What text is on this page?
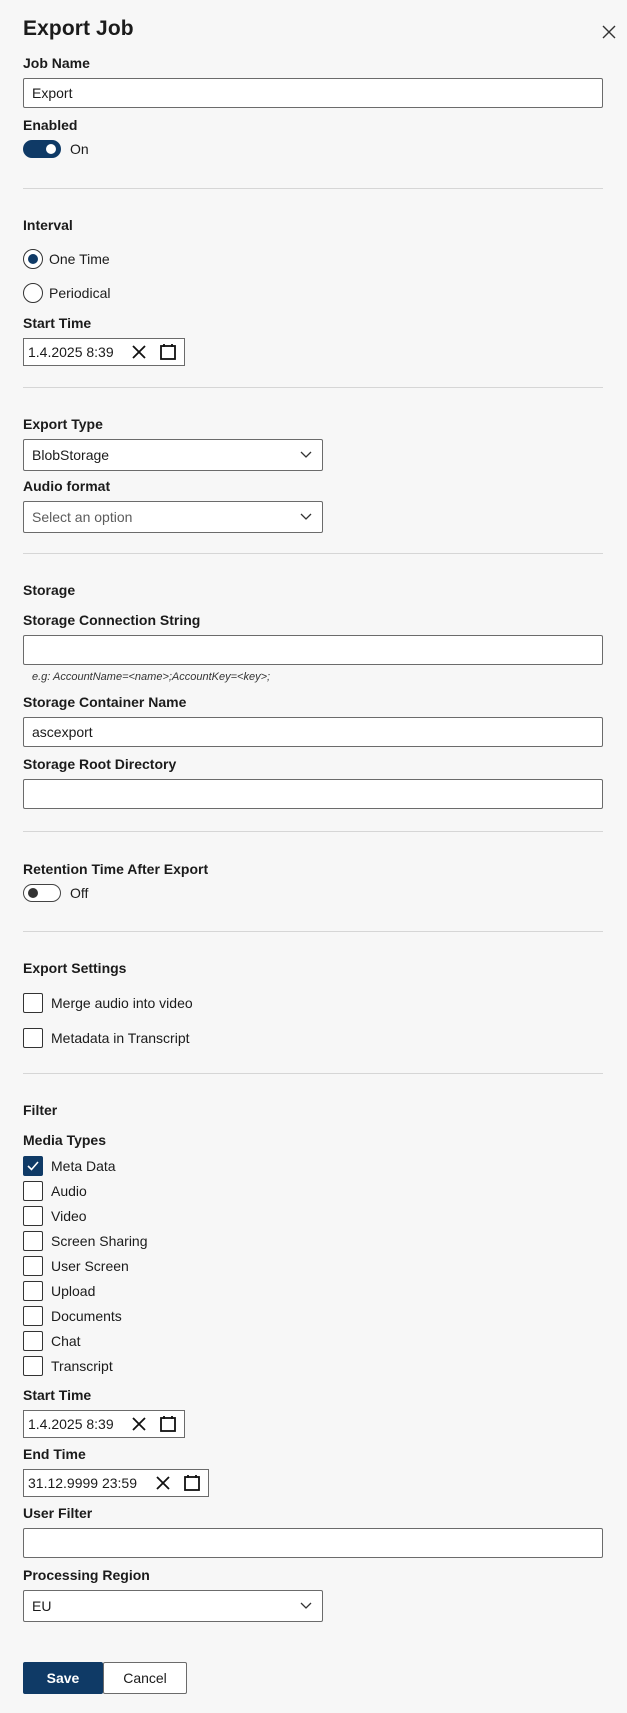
Export Job
Job Name
Export
Enabled
On
Interval
One Time
Periodical
Start Time
1.4.2025 8:39
Export Type
BlobStorage
Audio format
Select an option
Storage
Storage Connection String
e.g: AccountName=<name>;AccountKey=<key>;
Storage Container Name
ascexport
Storage Root Directory
Retention Time After Export
Off
Export Settings
Merge audio into video
Metadata in Transcript
Filter
Media Types
Meta Data
Audio
Video
Screen Sharing
User Screen
Upload
Documents
Chat
Transcript
Start Time
1.4.2025 8:39
End Time
31.12.9999 23:59
User Filter
Processing Region
EU
Save	Cancel
